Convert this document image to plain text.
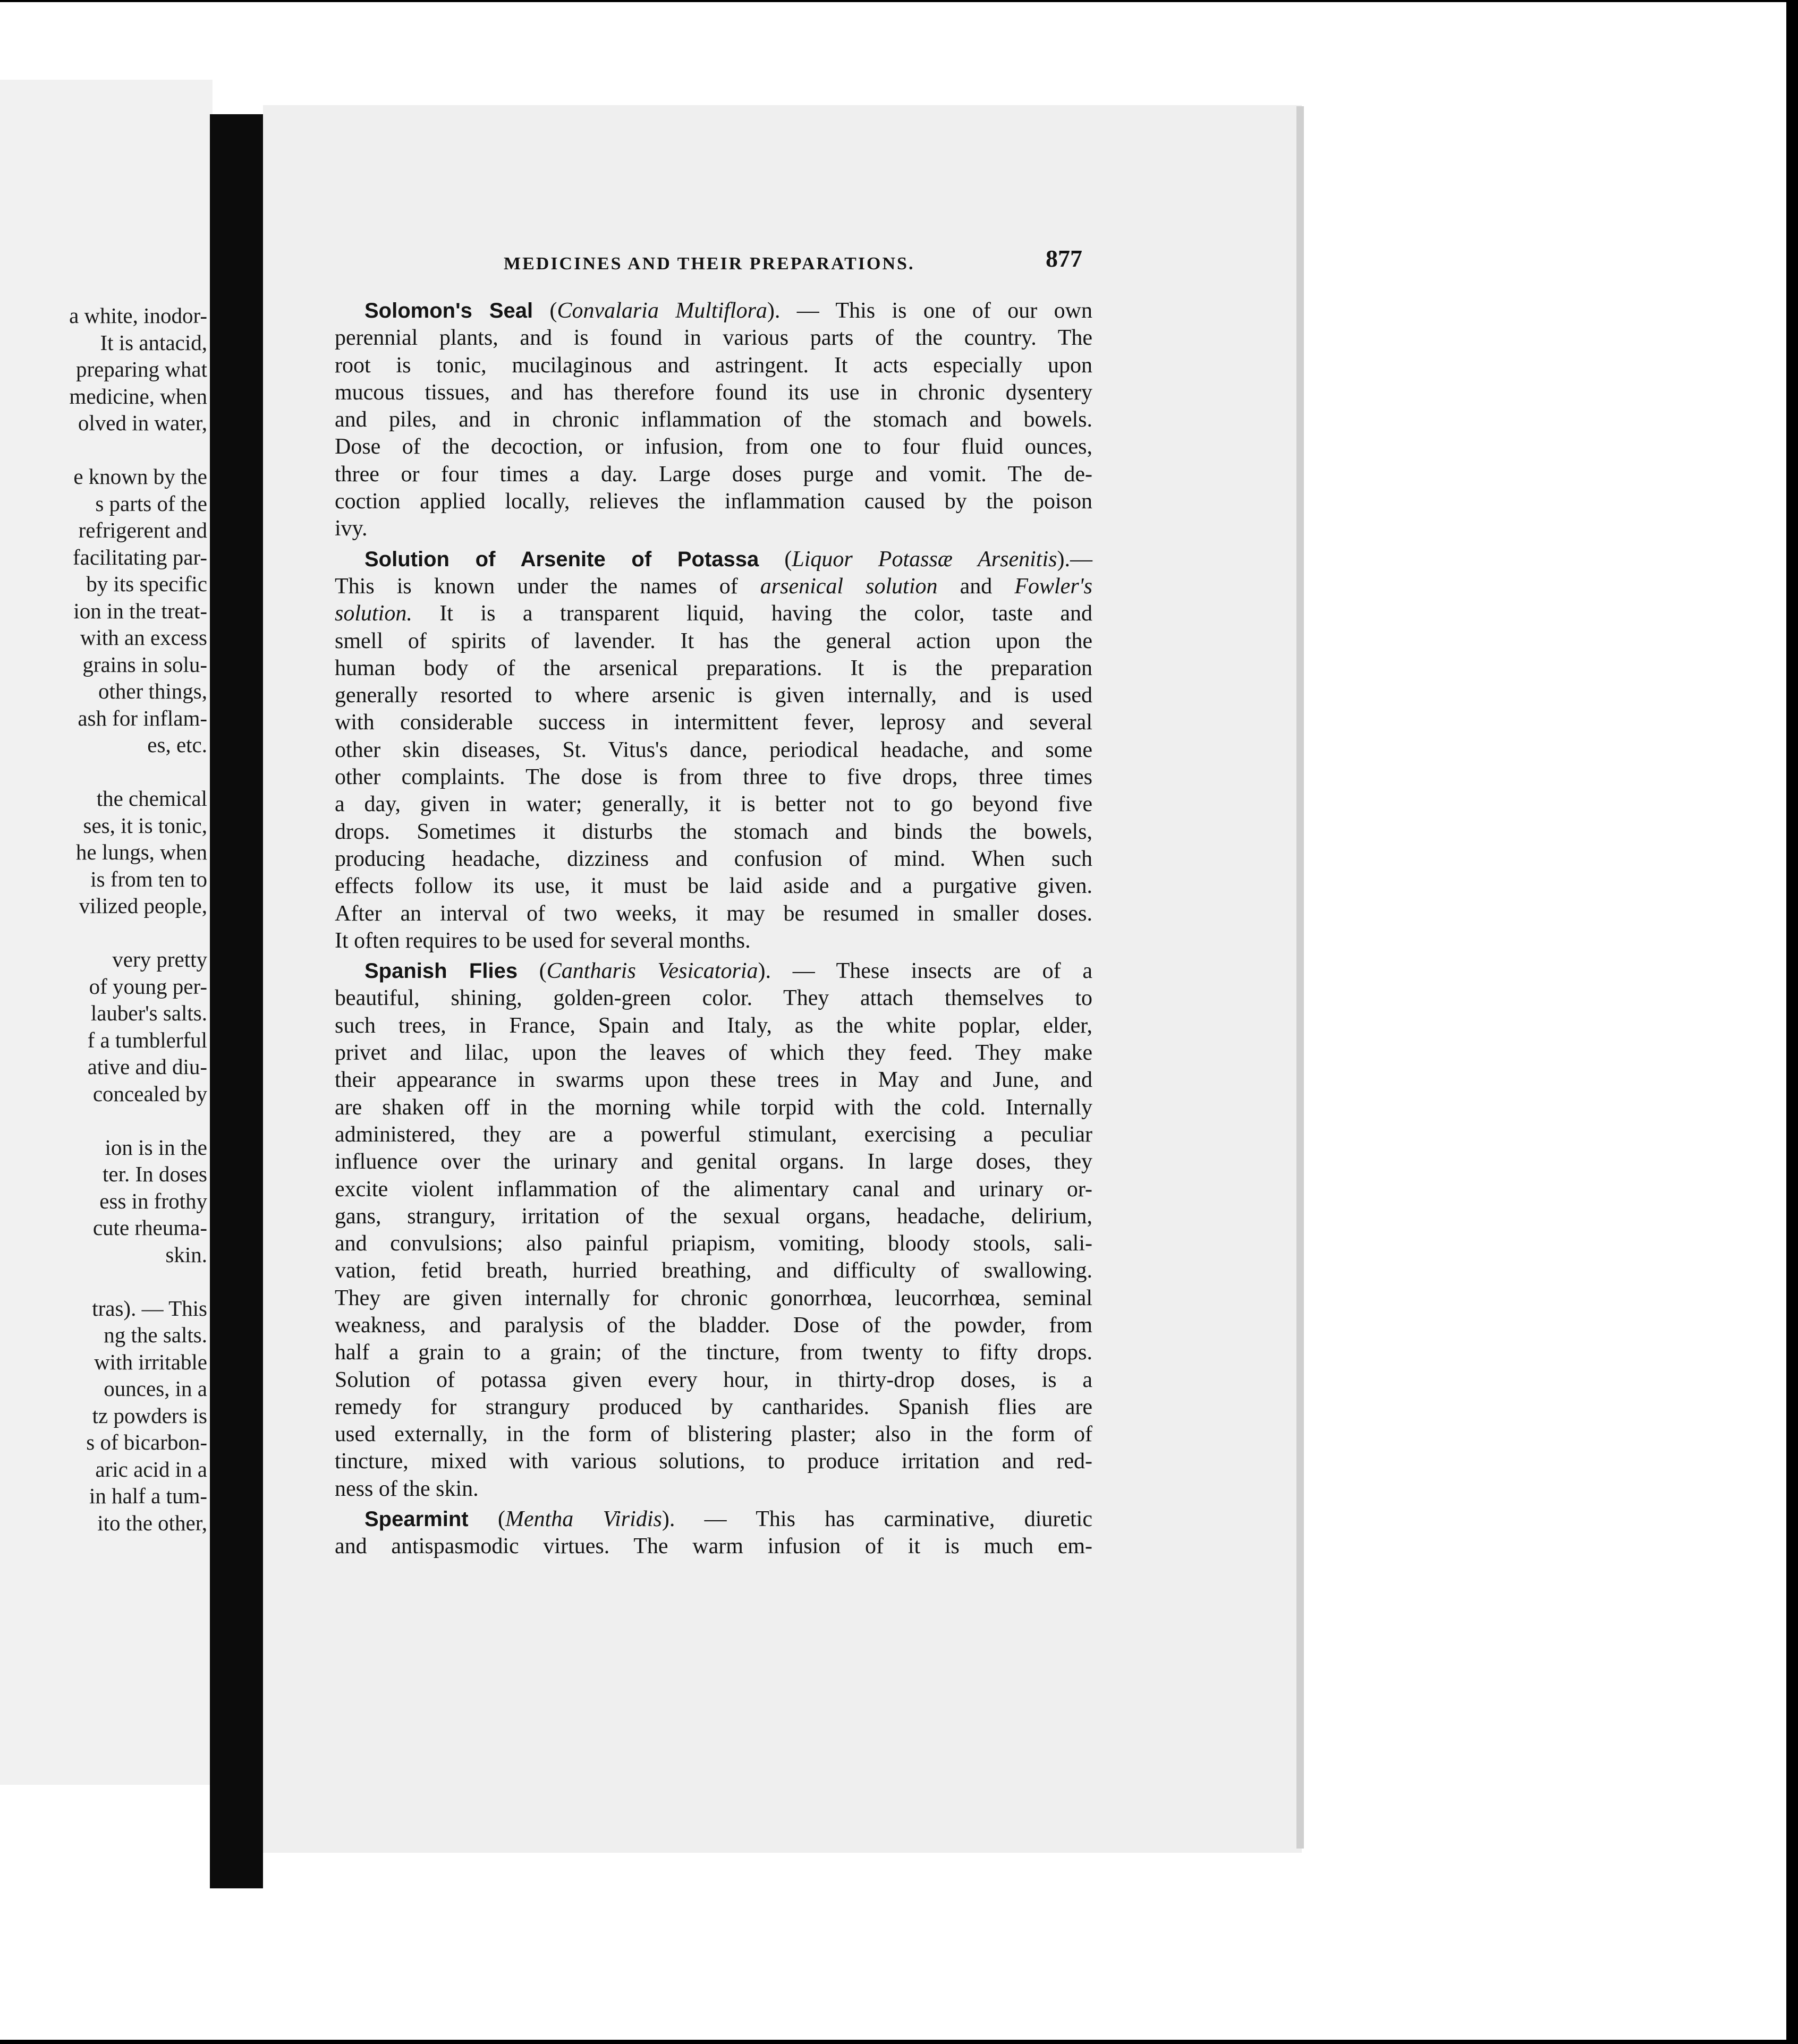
a white, inodor-
It is antacid,
preparing what
medicine, when
olved in water,
e known by the
s parts of the
refrigerent and
facilitating par-
by its specific
ion in the treat-
with an excess
grains in solu-
other things,
ash for inflam-
es, etc.
the chemical
ses, it is tonic,
he lungs, when
is from ten to
vilized people,
very pretty
of young per-
lauber's salts.
f a tumblerful
ative and diu-
concealed by
ion is in the
ter. In doses
ess in frothy
cute rheuma-
skin.
tras). — This
ng the salts.
with irritable
ounces, in a
tz powders is
s of bicarbon-
aric acid in a
in half a tum-
ito the other,
MEDICINES AND THEIR PREPARATIONS.	877
Solomon's Seal (Convalaria Multiflora). — This is one of our own
perennial plants, and is found in various parts of the country. The
root is tonic, mucilaginous and astringent. It acts especially upon
mucous tissues, and has therefore found its use in chronic dysentery
and piles, and in chronic inflammation of the stomach and bowels.
Dose of the decoction, or infusion, from one to four fluid ounces,
three or four times a day. Large doses purge and vomit. The de-
coction applied locally, relieves the inflammation caused by the poison
ivy.
Solution of Arsenite of Potassa (Liquor Potassæ Arsenitis).—
This is known under the names of arsenical solution and Fowler's
solution. It is a transparent liquid, having the color, taste and
smell of spirits of lavender. It has the general action upon the
human body of the arsenical preparations. It is the preparation
generally resorted to where arsenic is given internally, and is used
with considerable success in intermittent fever, leprosy and several
other skin diseases, St. Vitus's dance, periodical headache, and some
other complaints. The dose is from three to five drops, three times
a day, given in water; generally, it is better not to go beyond five
drops. Sometimes it disturbs the stomach and binds the bowels,
producing headache, dizziness and confusion of mind. When such
effects follow its use, it must be laid aside and a purgative given.
After an interval of two weeks, it may be resumed in smaller doses.
It often requires to be used for several months.
Spanish Flies (Cantharis Vesicatoria). — These insects are of a
beautiful, shining, golden-green color. They attach themselves to
such trees, in France, Spain and Italy, as the white poplar, elder,
privet and lilac, upon the leaves of which they feed. They make
their appearance in swarms upon these trees in May and June, and
are shaken off in the morning while torpid with the cold. Internally
administered, they are a powerful stimulant, exercising a peculiar
influence over the urinary and genital organs. In large doses, they
excite violent inflammation of the alimentary canal and urinary or-
gans, strangury, irritation of the sexual organs, headache, delirium,
and convulsions; also painful priapism, vomiting, bloody stools, sali-
vation, fetid breath, hurried breathing, and difficulty of swallowing.
They are given internally for chronic gonorrhœa, leucorrhœa, seminal
weakness, and paralysis of the bladder. Dose of the powder, from
half a grain to a grain; of the tincture, from twenty to fifty drops.
Solution of potassa given every hour, in thirty-drop doses, is a
remedy for strangury produced by cantharides. Spanish flies are
used externally, in the form of blistering plaster; also in the form of
tincture, mixed with various solutions, to produce irritation and red-
ness of the skin.
Spearmint (Mentha Viridis). — This has carminative, diuretic
and antispasmodic virtues. The warm infusion of it is much em-
